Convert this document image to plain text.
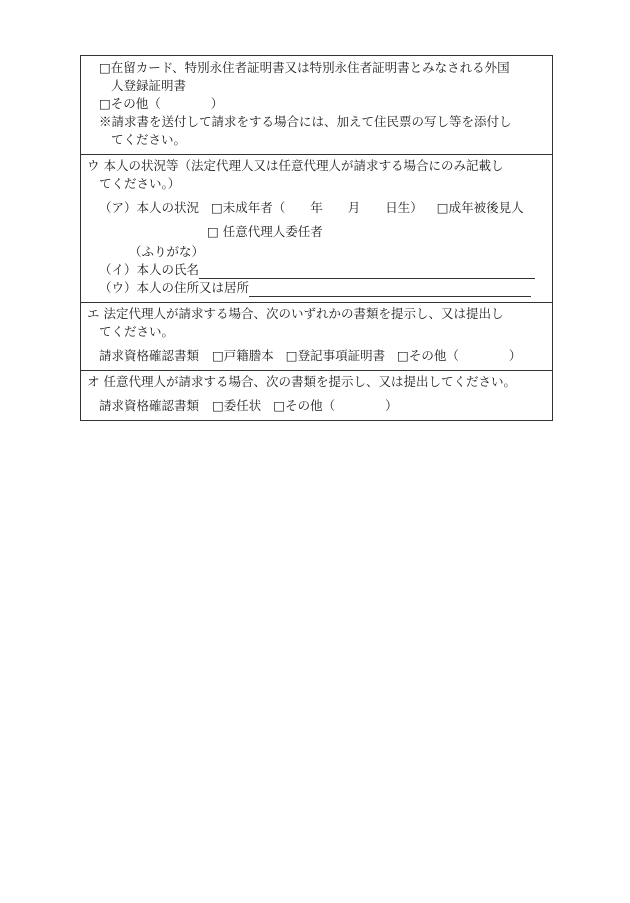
□在留カード、特別永住者証明書又は特別永住者証明書とみなされる外国
人登録証明書
□その他（　　　　）
※請求書を送付して請求をする場合には、加えて住民票の写し等を添付し
てください。
ウ 本人の状況等（法定代理人又は任意代理人が請求する場合にのみ記載し
てください。）
（ア）本人の状況 □未成年者（　　年　　月　　日生） □成年被後見人
□ 任意代理人委任者
（ふりがな）
（イ）本人の氏名
（ウ）本人の住所又は居所
エ 法定代理人が請求する場合、次のいずれかの書類を提示し、又は提出し
てください。
請求資格確認書類 □戸籍謄本 □登記事項証明書 □その他（　　　　）
オ 任意代理人が請求する場合、次の書類を提示し、又は提出してください。
請求資格確認書類 □委任状 □その他（　　　　）
